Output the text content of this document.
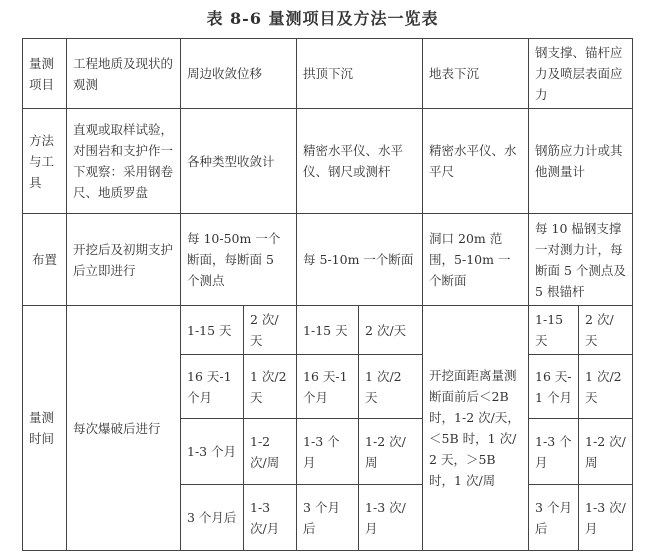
表 8-6 量测项目及方法一览表
量测项目	工程地质及现状的观测	周边收敛位移		拱顶下沉		地表下沉	钢支撑、锚杆应力及喷层表面应力	
方法与工具	直观或取样试验，对围岩和支护作一下观察：采用钢卷尺、地质罗盘	各种类型收敛计		精密水平仪、水平仪、钢尺或测杆		精密水平仪、水平尺	钢筋应力计或其他测量计	
布置	开挖后及初期支护后立即进行	每 10-50m 一个断面，每断面 5 个测点		每 5-10m 一个断面		洞口 20m 范围，5-10m 一个断面	每 10 榀钢支撑一对测力计，每断面 5 个测点及 5 根锚杆	
量测时间	每次爆破后进行	1-15 天	2 次/天	1-15 天	2 次/天	开挖面距离量测断面前后＜2B 时，1-2 次/天，＜5B 时，1 次/2 天，＞5B 时，1 次/周	1-15 天	2 次/天
		16 天-1 个月	1 次/2 天	16 天-1 个月	1 次/2 天		16 天-1 个月	1 次/2 天
		1-3 个月	1-2 次/周	1-3 个月	1-2 次/周		1-3 个月	1-2 次/周
		3 个月后	1-3 次/月	3 个月后	1-3 次/月		3 个月后	1-3 次/月
